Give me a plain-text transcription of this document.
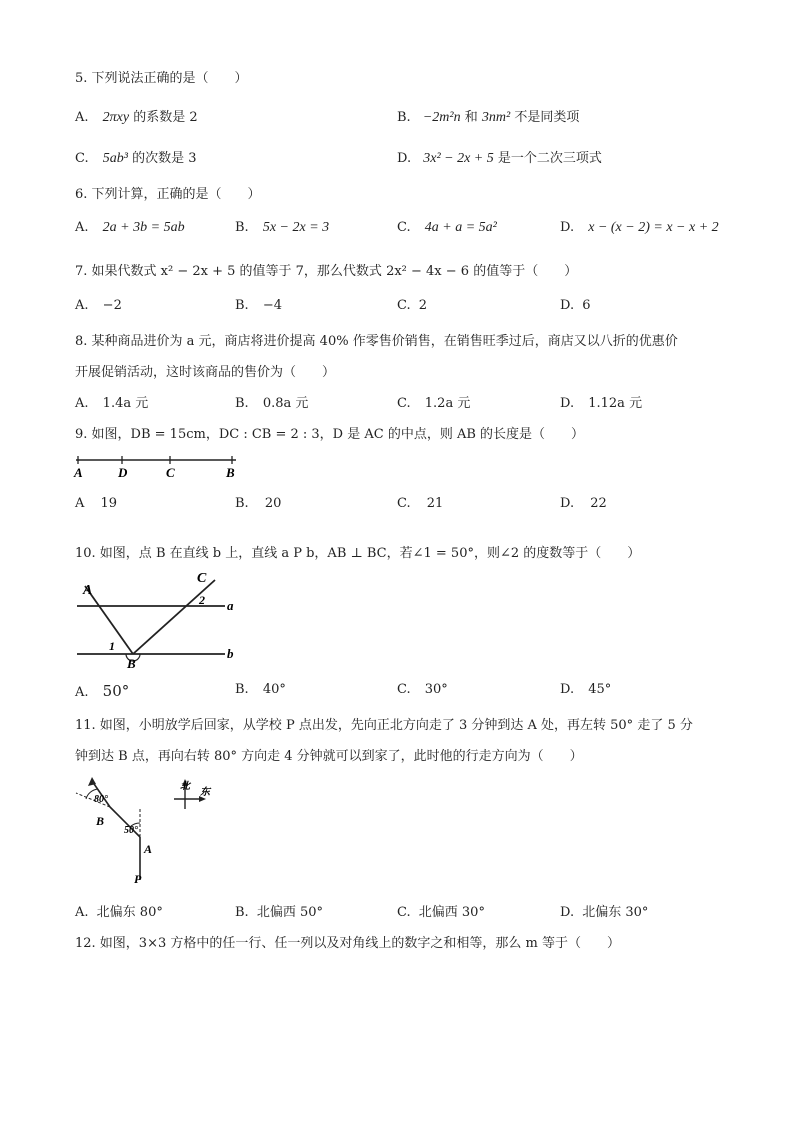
5. 下列说法正确的是（　　）
A. 2πxy 的系数是 2	B. −2m²n 和 3nm² 不是同类项
C. 5ab³ 的次数是 3	D. 3x² − 2x + 5 是一个二次三项式
6. 下列计算，正确的是（　　）
A. 2a + 3b = 5ab	B. 5x − 2x = 3	C. 4a + a = 5a²	D. x − (x − 2) = x − x + 2
7. 如果代数式 x² − 2x + 5 的值等于 7，那么代数式 2x² − 4x − 6 的值等于（　　）
A. −2	B. −4	C. 2	D. 6
8. 某种商品进价为 a 元，商店将进价提高 40% 作零售价销售，在销售旺季过后，商店又以八折的优惠价
开展促销活动，这时该商品的售价为（　　）
A. 1.4a 元	B. 0.8a 元	C. 1.2a 元	D. 1.12a 元
9. 如图，DB = 15cm，DC : CB = 2 : 3，D 是 AC 的中点，则 AB 的长度是（　　）
A	D	C	B
A 19	B. 20	C. 21	D. 22
10. 如图，点 B 在直线 b 上，直线 a P b，AB ⊥ BC，若∠1 = 50°，则∠2 的度数等于（　　）
A
C
2 a
1
B
b
A. 50°	B. 40°	C. 30°	D. 45°
11. 如图，小明放学后回家，从学校 P 点出发，先向正北方向走了 3 分钟到达 A 处，再左转 50° 走了 5 分
钟到达 B 点，再向右转 80° 方向走 4 分钟就可以到家了，此时他的行走方向为（　　）
80°
B
50°
A
P
北
东
A. 北偏东 80°	B. 北偏西 50°	C. 北偏西 30°	D. 北偏东 30°
12. 如图，3×3 方格中的任一行、任一列以及对角线上的数字之和相等，那么 m 等于（　　）
